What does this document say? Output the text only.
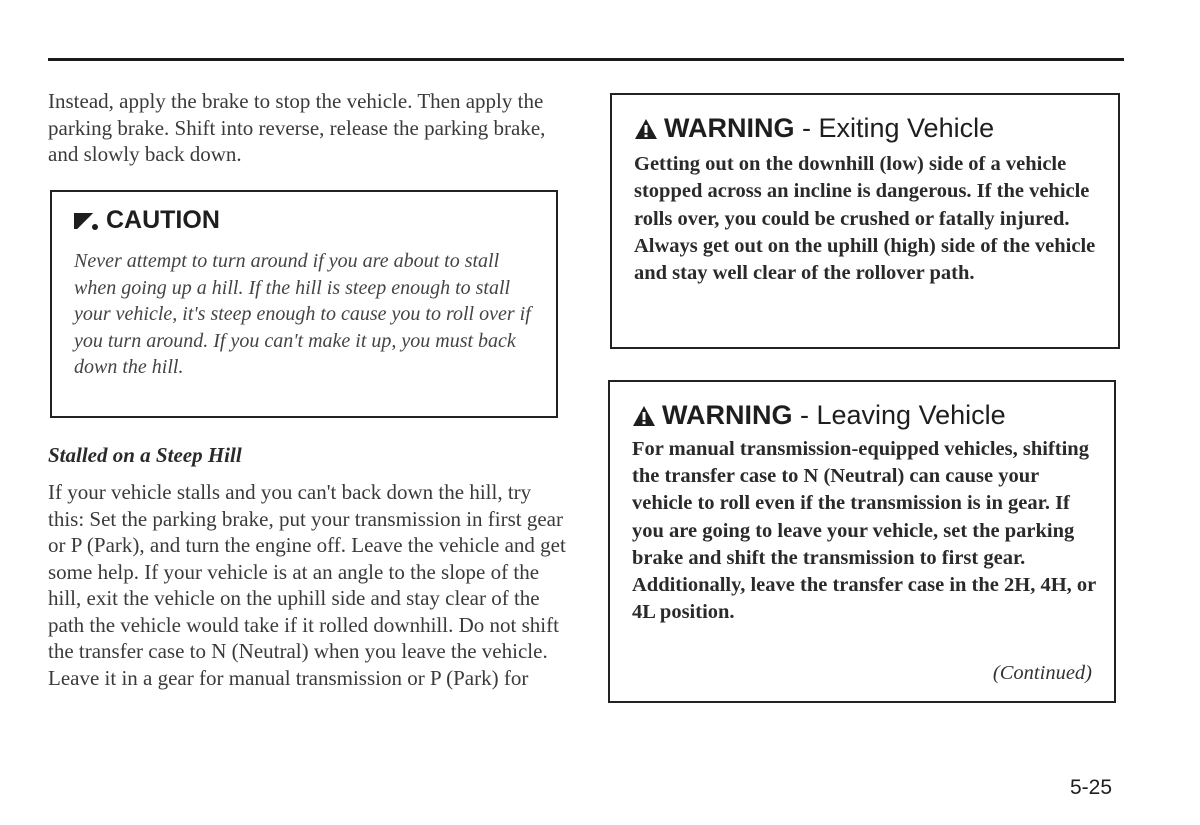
Instead, apply the brake to stop the vehicle. Then apply the parking brake. Shift into reverse, release the parking brake, and slowly back down.

CAUTION

Never attempt to turn around if you are about to stall when going up a hill. If the hill is steep enough to stall your vehicle, it's steep enough to cause you to roll over if you turn around. If you can't make it up, you must back down the hill.

Stalled on a Steep Hill

If your vehicle stalls and you can't back down the hill, try this: Set the parking brake, put your transmission in first gear or P (Park), and turn the engine off. Leave the vehicle and get some help. If your vehicle is at an angle to the slope of the hill, exit the vehicle on the uphill side and stay clear of the path the vehicle would take if it rolled downhill. Do not shift the transfer case to N (Neutral) when you leave the vehicle. Leave it in a gear for manual transmission or P (Park) for

WARNING - Exiting Vehicle

Getting out on the downhill (low) side of a vehicle stopped across an incline is dangerous. If the vehicle rolls over, you could be crushed or fatally injured. Always get out on the uphill (high) side of the vehicle and stay well clear of the rollover path.

WARNING - Leaving Vehicle

For manual transmission-equipped vehicles, shifting the transfer case to N (Neutral) can cause your vehicle to roll even if the transmission is in gear. If you are going to leave your vehicle, set the parking brake and shift the transmission to first gear. Additionally, leave the transfer case in the 2H, 4H, or 4L position.

(Continued)
5-25
